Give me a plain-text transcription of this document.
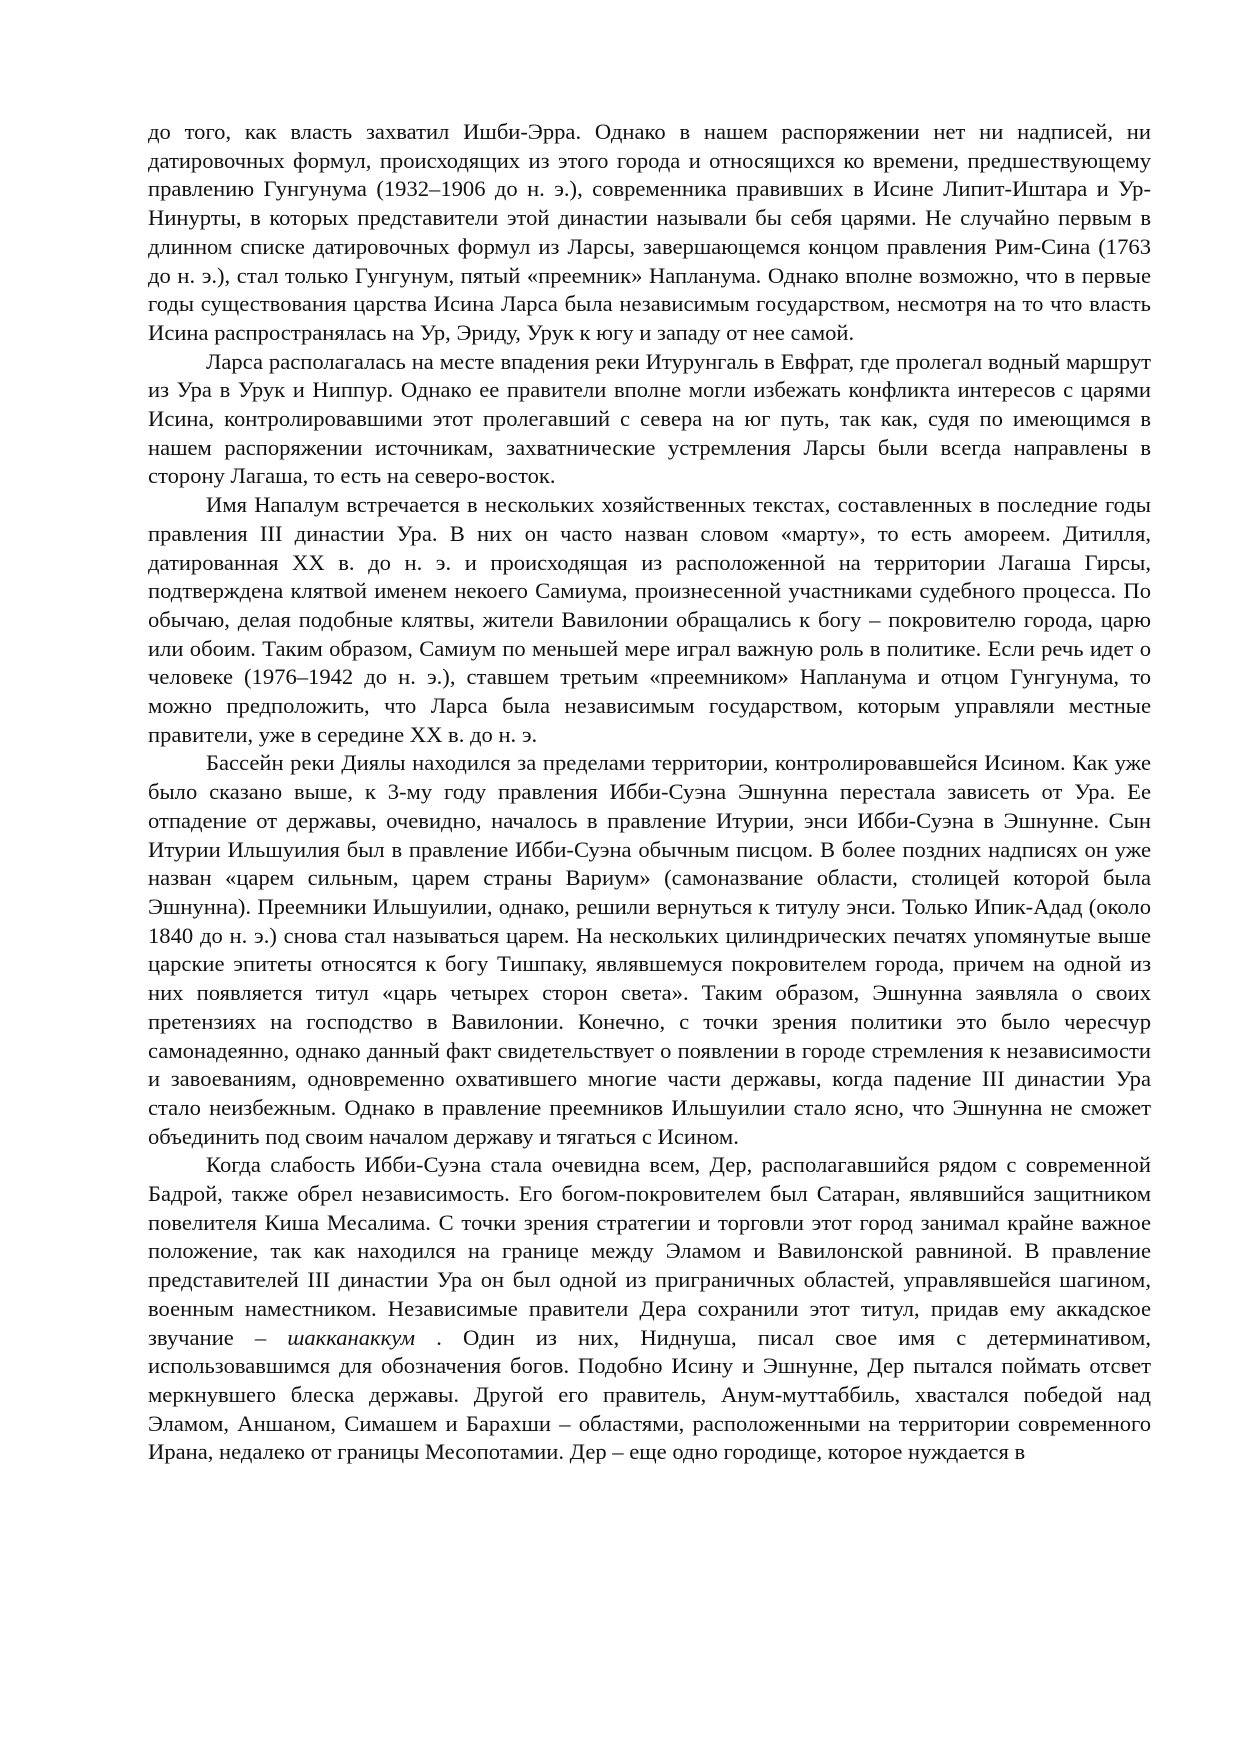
до того, как власть захватил Ишби-Эрра. Однако в нашем распоряжении нет ни надписей, ни датировочных формул, происходящих из этого города и относящихся ко времени, предшествующему правлению Гунгунума (1932–1906 до н. э.), современника правивших в Исине Липит-Иштара и Ур-Нинурты, в которых представители этой династии называли бы себя царями. Не случайно первым в длинном списке датировочных формул из Ларсы, завершающемся концом правления Рим-Сина (1763 до н. э.), стал только Гунгунум, пятый «преемник» Напланума. Однако вполне возможно, что в первые годы существования царства Исина Ларса была независимым государством, несмотря на то что власть Исина распространялась на Ур, Эриду, Урук к югу и западу от нее самой.

Ларса располагалась на месте впадения реки Итурунгаль в Евфрат, где пролегал водный маршрут из Ура в Урук и Ниппур. Однако ее правители вполне могли избежать конфликта интересов с царями Исина, контролировавшими этот пролегавший с севера на юг путь, так как, судя по имеющимся в нашем распоряжении источникам, захватнические устремления Ларсы были всегда направлены в сторону Лагаша, то есть на северо-восток.

Имя Напалум встречается в нескольких хозяйственных текстах, составленных в последние годы правления III династии Ура. В них он часто назван словом «марту», то есть амореем. Дитилля, датированная XX в. до н. э. и происходящая из расположенной на территории Лагаша Гирсы, подтверждена клятвой именем некоего Самиума, произнесенной участниками судебного процесса. По обычаю, делая подобные клятвы, жители Вавилонии обращались к богу – покровителю города, царю или обоим. Таким образом, Самиум по меньшей мере играл важную роль в политике. Если речь идет о человеке (1976–1942 до н. э.), ставшем третьим «преемником» Напланума и отцом Гунгунума, то можно предположить, что Ларса была независимым государством, которым управляли местные правители, уже в середине XX в. до н. э.

Бассейн реки Диялы находился за пределами территории, контролировавшейся Исином. Как уже было сказано выше, к 3-му году правления Ибби-Суэна Эшнунна перестала зависеть от Ура. Ее отпадение от державы, очевидно, началось в правление Итурии, энси Ибби-Суэна в Эшнунне. Сын Итурии Ильшуилия был в правление Ибби-Суэна обычным писцом. В более поздних надписях он уже назван «царем сильным, царем страны Вариум» (самоназвание области, столицей которой была Эшнунна). Преемники Ильшуилии, однако, решили вернуться к титулу энси. Только Ипик-Адад (около 1840 до н. э.) снова стал называться царем. На нескольких цилиндрических печатях упомянутые выше царские эпитеты относятся к богу Тишпаку, являвшемуся покровителем города, причем на одной из них появляется титул «царь четырех сторон света». Таким образом, Эшнунна заявляла о своих претензиях на господство в Вавилонии. Конечно, с точки зрения политики это было чересчур самонадеянно, однако данный факт свидетельствует о появлении в городе стремления к независимости и завоеваниям, одновременно охватившего многие части державы, когда падение III династии Ура стало неизбежным. Однако в правление преемников Ильшуилии стало ясно, что Эшнунна не сможет объединить под своим началом державу и тягаться с Исином.

Когда слабость Ибби-Суэна стала очевидна всем, Дер, располагавшийся рядом с современной Бадрой, также обрел независимость. Его богом-покровителем был Сатаран, являвшийся защитником повелителя Киша Месалима. С точки зрения стратегии и торговли этот город занимал крайне важное положение, так как находился на границе между Эламом и Вавилонской равниной. В правление представителей III династии Ура он был одной из приграничных областей, управлявшейся шагином, военным наместником. Независимые правители Дера сохранили этот титул, придав ему аккадское звучание – шакканаккум . Один из них, Ниднуша, писал свое имя с детерминативом, использовавшимся для обозначения богов. Подобно Исину и Эшнунне, Дер пытался поймать отсвет меркнувшего блеска державы. Другой его правитель, Анум-муттаббиль, хвастался победой над Эламом, Аншаном, Симашем и Барахши – областями, расположенными на территории современного Ирана, недалеко от границы Месопотамии. Дер – еще одно городище, которое нуждается в
